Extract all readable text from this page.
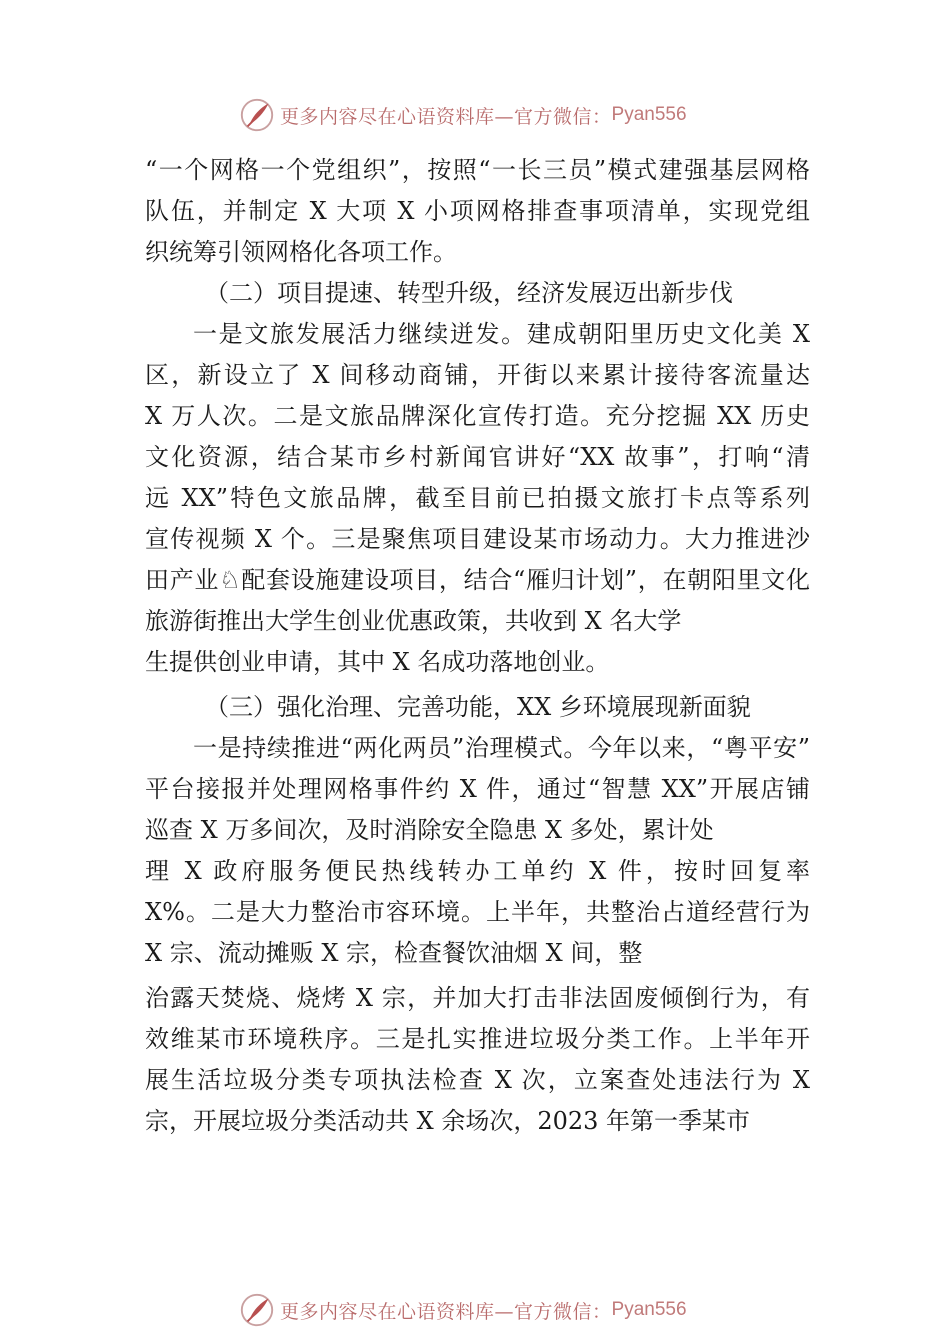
更多内容尽在心语资料库—官方微信： Pyan556
“一个网格一个党组织”，按照“一长三员”模式建强基层网格
队伍，并制定 X 大项 X 小项网格排查事项清单，实现党组
织统筹引领网格化各项工作。
（二）项目提速、转型升级，经济发展迈出新步伐
一是文旅发展活力继续迸发。建成朝阳里历史文化美 X
区，新设立了 X 间移动商铺，开街以来累计接待客流量达
X 万人次。二是文旅品牌深化宣传打造。充分挖掘 XX 历史
文化资源，结合某市乡村新闻官讲好“XX 故事”，打响“清
远 XX”特色文旅品牌，截至目前已拍摄文旅打卡点等系列
宣传视频 X 个。三是聚焦项目建设某市场动力。大力推进沙
田产业♘配套设施建设项目，结合“雁归计划”，在朝阳里文化
旅游街推出大学生创业优惠政策，共收到 X 名大学
生提供创业申请，其中 X 名成功落地创业。
（三）强化治理、完善功能，XX 乡环境展现新面貌
一是持续推进“两化两员”治理模式。今年以来，“粤平安”
平台接报并处理网格事件约 X 件，通过“智慧 XX”开展店铺
巡查 X 万多间次，及时消除安全隐患 X 多处，累计处
理 X 政府服务便民热线转办工单约 X 件，按时回复率
X%。二是大力整治市容环境。上半年，共整治占道经营行为
X 宗、流动摊贩 X 宗，检查餐饮油烟 X 间，整
治露天焚烧、烧烤 X 宗，并加大打击非法固废倾倒行为，有
效维某市环境秩序。三是扎实推进垃圾分类工作。上半年开
展生活垃圾分类专项执法检查 X 次，立案查处违法行为 X
宗，开展垃圾分类活动共 X 余场次，2023 年第一季某市
更多内容尽在心语资料库—官方微信： Pyan556
